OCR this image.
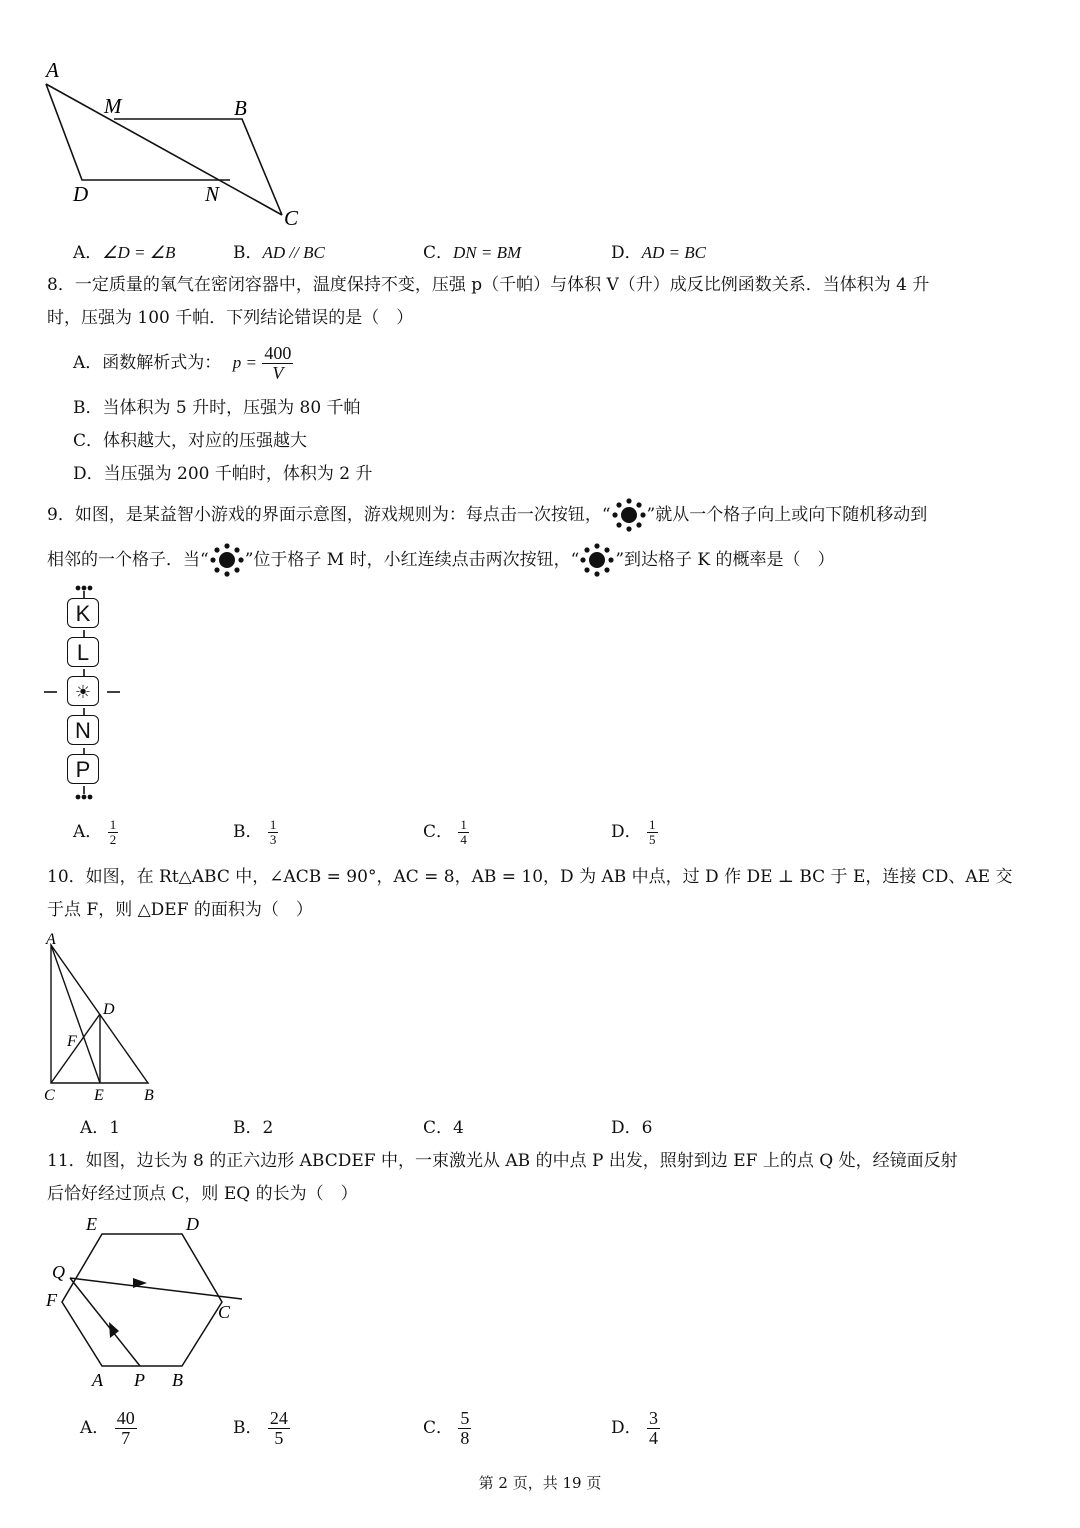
A
M	B
D	N
C
A．∠D = ∠B	B．AD // BC	C．DN = BM	D．AD = BC
8．一定质量的氧气在密闭容器中，温度保持不变，压强 p（千帕）与体积 V（升）成反比例函数关系．当体积为 4 升
时，压强为 100 千帕．下列结论错误的是（　）
A．函数解析式为： $p = \frac{400}{V}$
B．当体积为 5 升时，压强为 80 千帕
C．体积越大，对应的压强越大
D．当压强为 200 千帕时，体积为 2 升
9．如图，是某益智小游戏的界面示意图，游戏规则为：每点击一次按钮，“ ”就从一个格子向上或向下随机移动到
相邻的一个格子．当“ ”位于格子 M 时，小红连续点击两次按钮，“ ”到达格子 K 的概率是（　）
K
L
☀
N
P
A． $\frac{1}{2}$	B． $\frac{1}{3}$	C． $\frac{1}{4}$	D． $\frac{1}{5}$
10．如图，在 Rt△ABC 中，∠ACB = 90°，AC = 8，AB = 10，D 为 AB 中点，过 D 作 DE ⊥ BC 于 E，连接 CD、AE 交
于点 F，则 △DEF 的面积为（　）
A
D
F
C E	B
A．1	B．2	C．4	D．6
11．如图，边长为 8 的正六边形 ABCDEF 中，一束激光从 AB 的中点 P 出发，照射到边 EF 上的点 Q 处，经镜面反射
后恰好经过顶点 C，则 EQ 的长为（　）
E	D
Q
F
C
A P B
A． $\frac{40}{7}$	B． $\frac{24}{5}$	C． $\frac{5}{8}$	D． $\frac{3}{4}$
第 2 页，共 19 页
